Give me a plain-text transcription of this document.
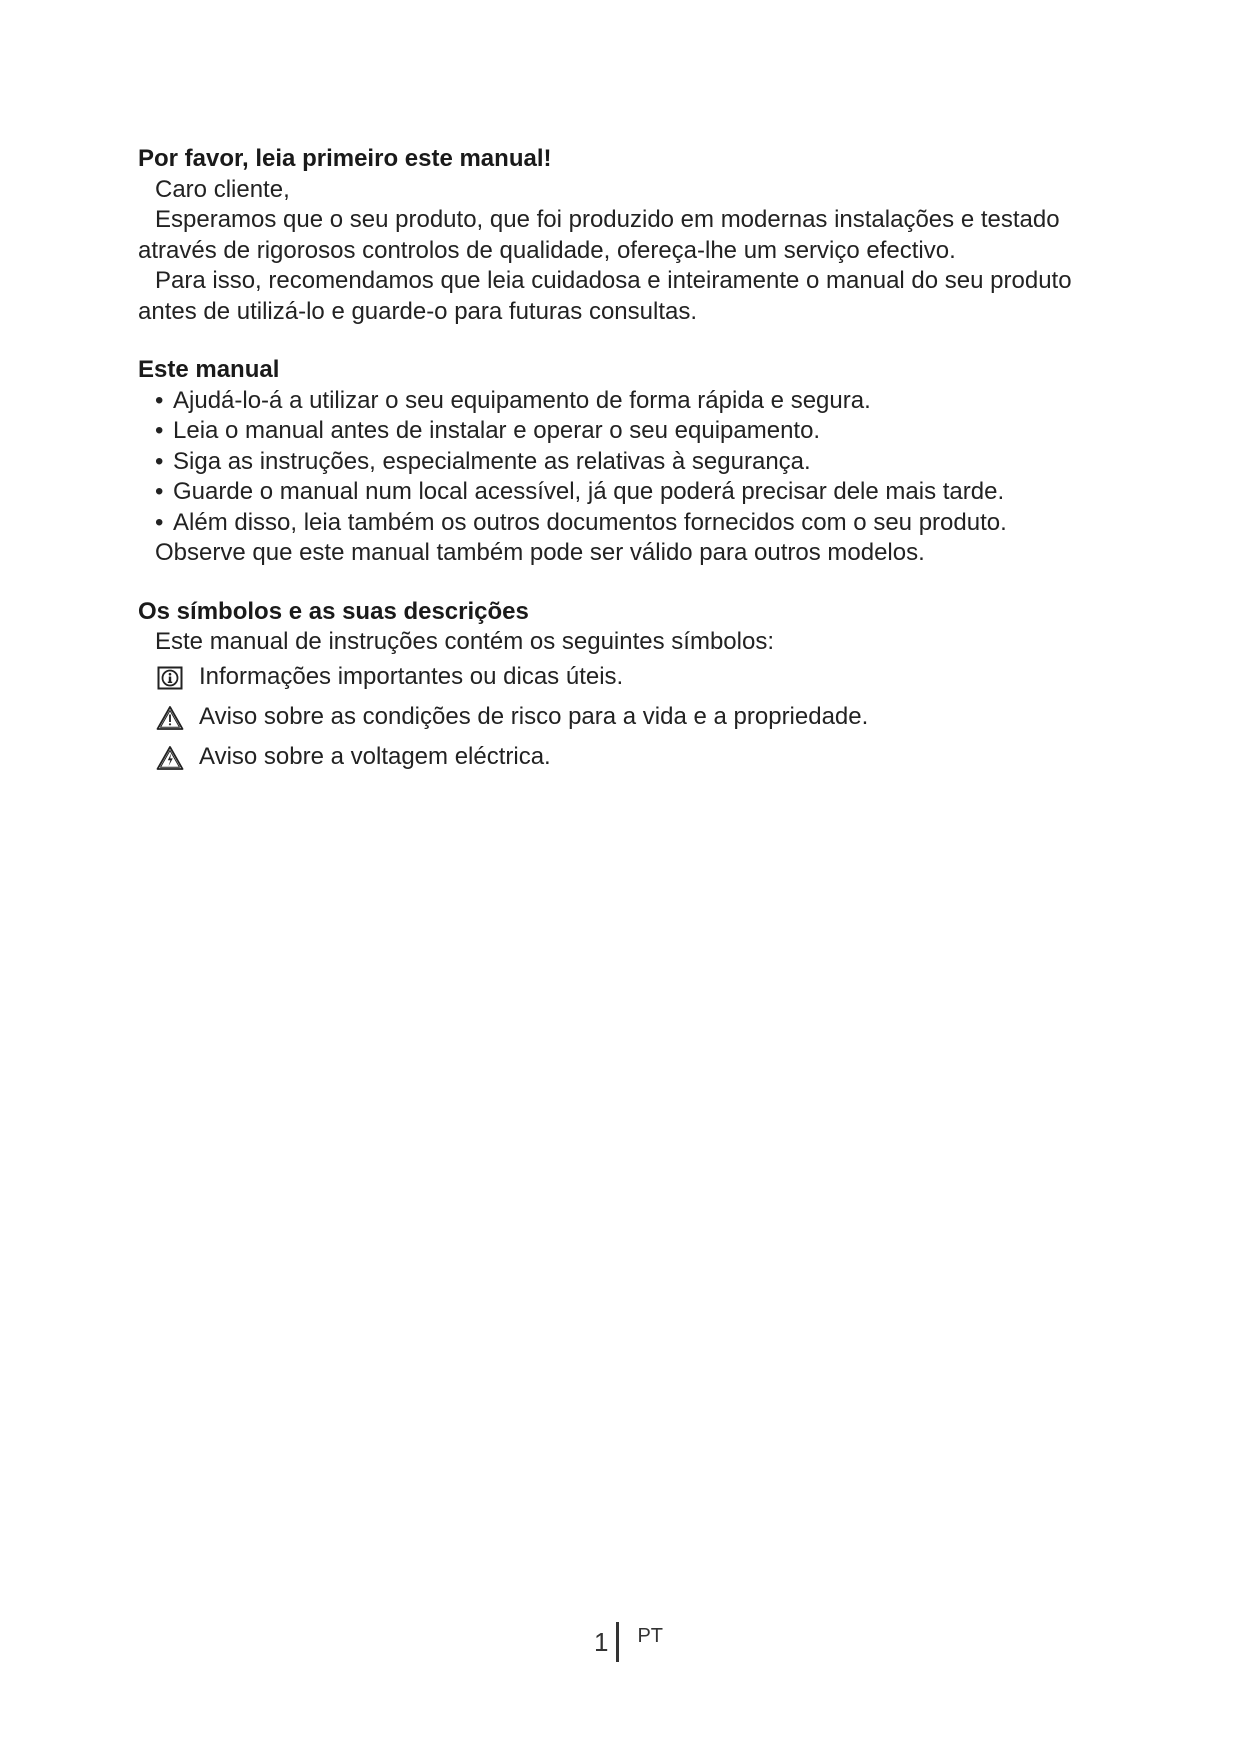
Por favor, leia primeiro este manual!

Caro cliente,

Esperamos que o seu produto, que foi produzido em modernas instalações e testado através de rigorosos controlos de qualidade, ofereça-lhe um serviço efectivo.

Para isso, recomendamos que leia cuidadosa e inteiramente o manual do seu produto antes de utilizá-lo e guarde-o para futuras consultas.

Este manual
• Ajudá-lo-á a utilizar o seu equipamento de forma rápida e segura.
• Leia o manual antes de instalar e operar o seu equipamento.
• Siga as instruções, especialmente as relativas à segurança.
• Guarde o manual num local acessível, já que poderá precisar dele mais tarde.
• Além disso, leia também os outros documentos fornecidos com o seu produto.

Observe que este manual também pode ser válido para outros modelos.

Os símbolos e as suas descrições

Este manual de instruções contém os seguintes símbolos:

Informações importantes ou dicas úteis.
Aviso sobre as condições de risco para a vida e a propriedade.
Aviso sobre a voltagem eléctrica.
1 PT
